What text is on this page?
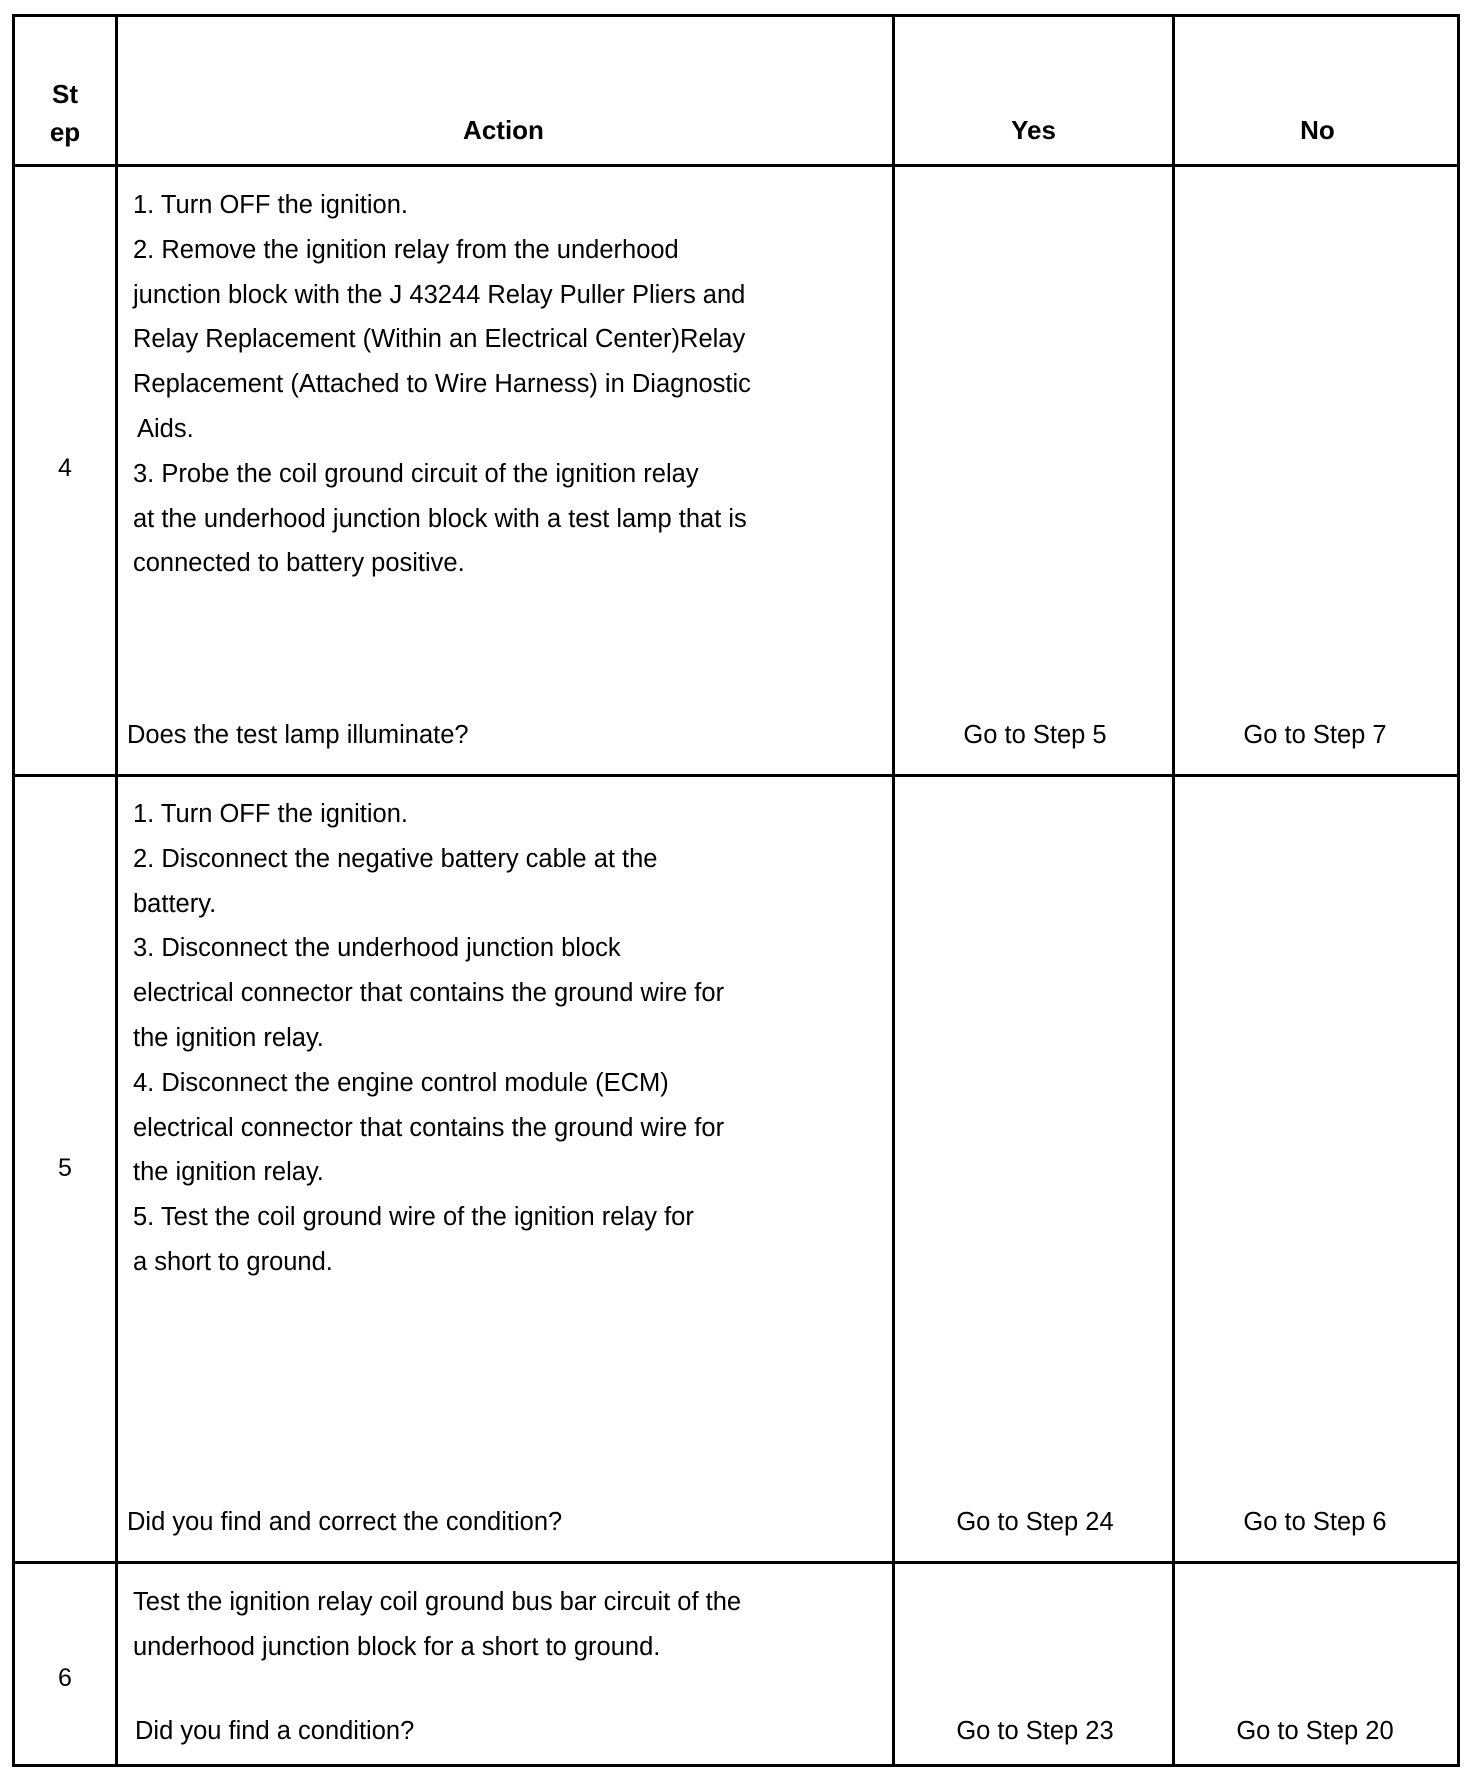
St
ep	Action	Yes	No
4
1. Turn OFF the ignition.
2. Remove the ignition relay from the underhood
junction block with the J 43244 Relay Puller Pliers and
Relay Replacement (Within an Electrical Center)Relay
Replacement (Attached to Wire Harness) in Diagnostic
Aids.
3. Probe the coil ground circuit of the ignition relay
at the underhood junction block with a test lamp that is
connected to battery positive.
Does the test lamp illuminate?	Go to Step 5	Go to Step 7
5
1. Turn OFF the ignition.
2. Disconnect the negative battery cable at the
battery.
3. Disconnect the underhood junction block
electrical connector that contains the ground wire for
the ignition relay.
4. Disconnect the engine control module (ECM)
electrical connector that contains the ground wire for
the ignition relay.
5. Test the coil ground wire of the ignition relay for
a short to ground.
Did you find and correct the condition?	Go to Step 24	Go to Step 6
6
Test the ignition relay coil ground bus bar circuit of the
underhood junction block for a short to ground.
Did you find a condition?	Go to Step 23	Go to Step 20
